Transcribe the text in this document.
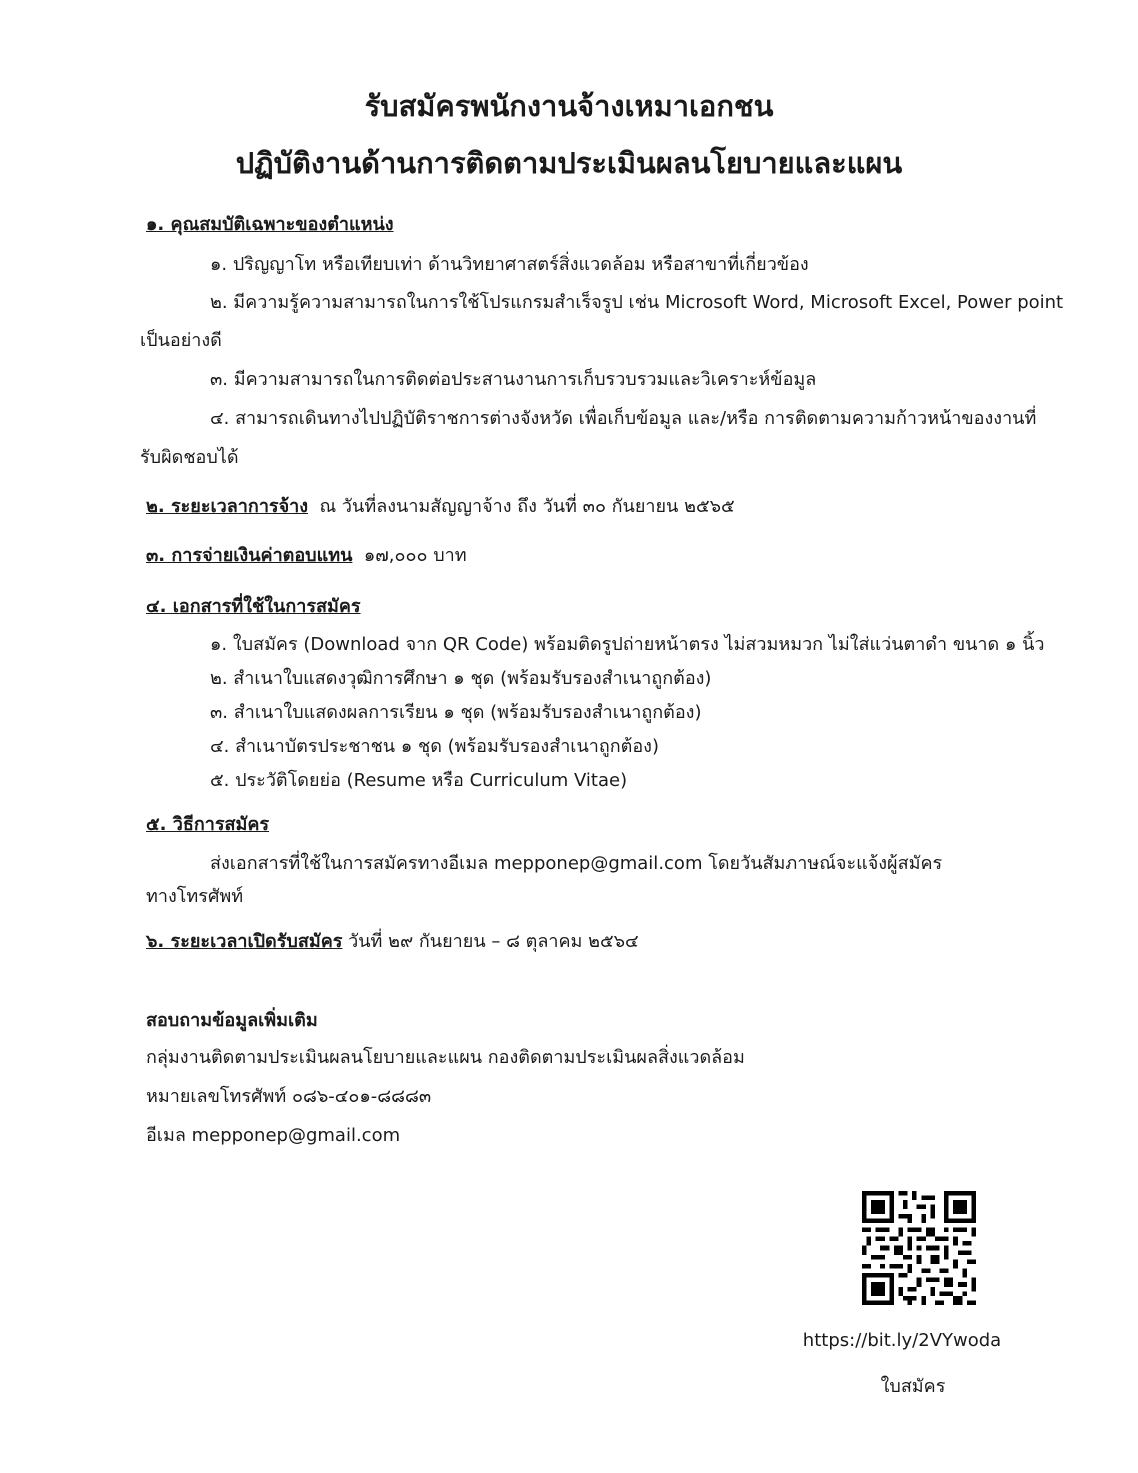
รับสมัครพนักงานจ้างเหมาเอกชน
ปฏิบัติงานด้านการติดตามประเมินผลนโยบายและแผน
๑. คุณสมบัติเฉพาะของตำแหน่ง
๑. ปริญญาโท หรือเทียบเท่า ด้านวิทยาศาสตร์สิ่งแวดล้อม หรือสาขาที่เกี่ยวข้อง
๒. มีความรู้ความสามารถในการใช้โปรแกรมสำเร็จรูป เช่น Microsoft Word, Microsoft Excel, Power point
เป็นอย่างดี
๓. มีความสามารถในการติดต่อประสานงานการเก็บรวบรวมและวิเคราะห์ข้อมูล
๔. สามารถเดินทางไปปฏิบัติราชการต่างจังหวัด เพื่อเก็บข้อมูล และ/หรือ การติดตามความก้าวหน้าของงานที่
รับผิดชอบได้
๒. ระยะเวลาการจ้าง ณ วันที่ลงนามสัญญาจ้าง ถึง วันที่ ๓๐ กันยายน ๒๕๖๕
๓. การจ่ายเงินค่าตอบแทน ๑๗,๐๐๐ บาท
๔. เอกสารที่ใช้ในการสมัคร
๑. ใบสมัคร (Download จาก QR Code) พร้อมติดรูปถ่ายหน้าตรง ไม่สวมหมวก ไม่ใส่แว่นตาดำ ขนาด ๑ นิ้ว
๒. สำเนาใบแสดงวุฒิการศึกษา ๑ ชุด (พร้อมรับรองสำเนาถูกต้อง)
๓. สำเนาใบแสดงผลการเรียน ๑ ชุด (พร้อมรับรองสำเนาถูกต้อง)
๔. สำเนาบัตรประชาชน ๑ ชุด (พร้อมรับรองสำเนาถูกต้อง)
๕. ประวัติโดยย่อ (Resume หรือ Curriculum Vitae)
๕. วิธีการสมัคร
ส่งเอกสารที่ใช้ในการสมัครทางอีเมล mepponep@gmail.com โดยวันสัมภาษณ์จะแจ้งผู้สมัคร
ทางโทรศัพท์
๖. ระยะเวลาเปิดรับสมัคร วันที่ ๒๙ กันยายน – ๘ ตุลาคม ๒๕๖๔
สอบถามข้อมูลเพิ่มเติม
กลุ่มงานติดตามประเมินผลนโยบายและแผน กองติดตามประเมินผลสิ่งแวดล้อม
หมายเลขโทรศัพท์ ๐๘๖-๔๐๑-๘๘๘๓
อีเมล mepponep@gmail.com
https://bit.ly/2VYwoda
ใบสมัคร
